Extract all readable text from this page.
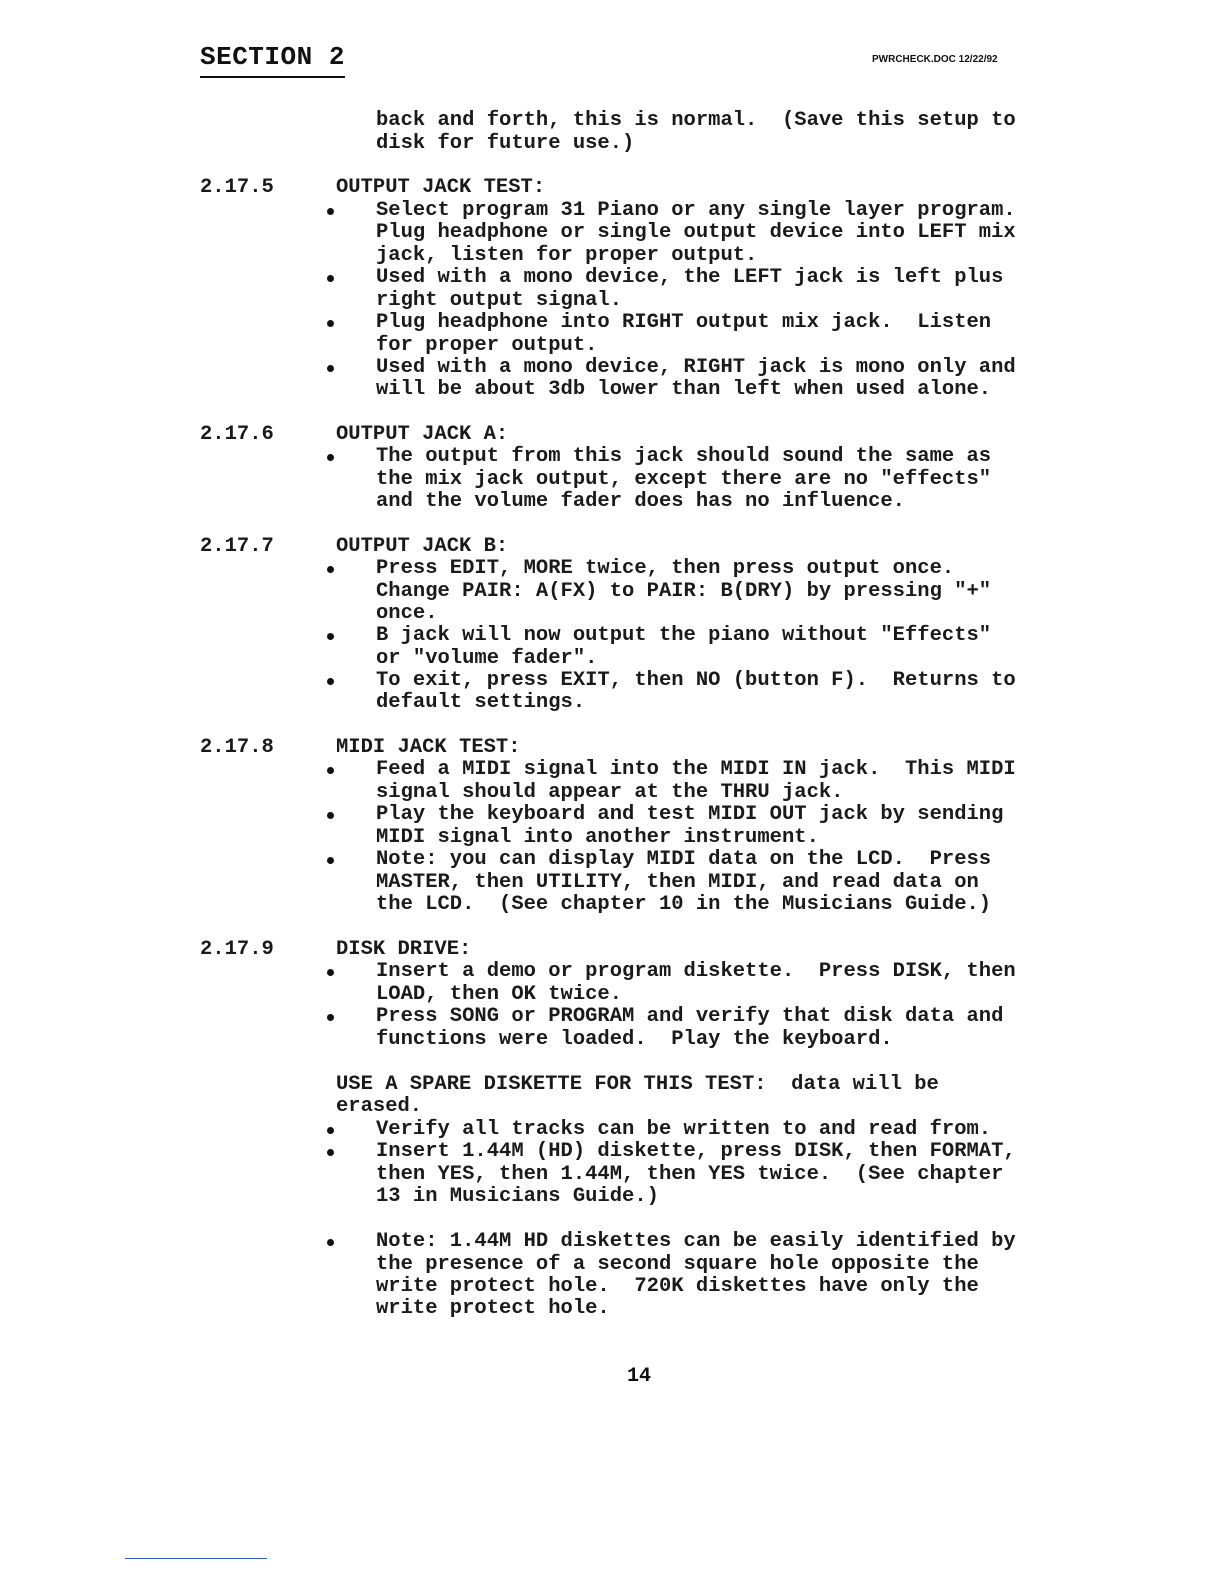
SECTION 2	PWRCHECK.DOC 12/22/92
back and forth, this is normal.  (Save this setup to
disk for future use.)
2.17.5	OUTPUT JACK TEST:
Select program 31 Piano or any single layer program.
Plug headphone or single output device into LEFT mix
jack, listen for proper output.
Used with a mono device, the LEFT jack is left plus
right output signal.
Plug headphone into RIGHT output mix jack.  Listen
for proper output.
Used with a mono device, RIGHT jack is mono only and
will be about 3db lower than left when used alone.
2.17.6	OUTPUT JACK A:
The output from this jack should sound the same as
the mix jack output, except there are no "effects"
and the volume fader does has no influence.
2.17.7	OUTPUT JACK B:
Press EDIT, MORE twice, then press output once.
Change PAIR: A(FX) to PAIR: B(DRY) by pressing "+"
once.
B jack will now output the piano without "Effects"
or "volume fader".
To exit, press EXIT, then NO (button F).  Returns to
default settings.
2.17.8	MIDI JACK TEST:
Feed a MIDI signal into the MIDI IN jack.  This MIDI
signal should appear at the THRU jack.
Play the keyboard and test MIDI OUT jack by sending
MIDI signal into another instrument.
Note: you can display MIDI data on the LCD.  Press
MASTER, then UTILITY, then MIDI, and read data on
the LCD.  (See chapter 10 in the Musicians Guide.)
2.17.9	DISK DRIVE:
Insert a demo or program diskette.  Press DISK, then
LOAD, then OK twice.
Press SONG or PROGRAM and verify that disk data and
functions were loaded.  Play the keyboard.
USE A SPARE DISKETTE FOR THIS TEST:  data will be
erased.
Verify all tracks can be written to and read from.
Insert 1.44M (HD) diskette, press DISK, then FORMAT,
then YES, then 1.44M, then YES twice.  (See chapter
13 in Musicians Guide.)
Note: 1.44M HD diskettes can be easily identified by
the presence of a second square hole opposite the
write protect hole.  720K diskettes have only the
write protect hole.
14
